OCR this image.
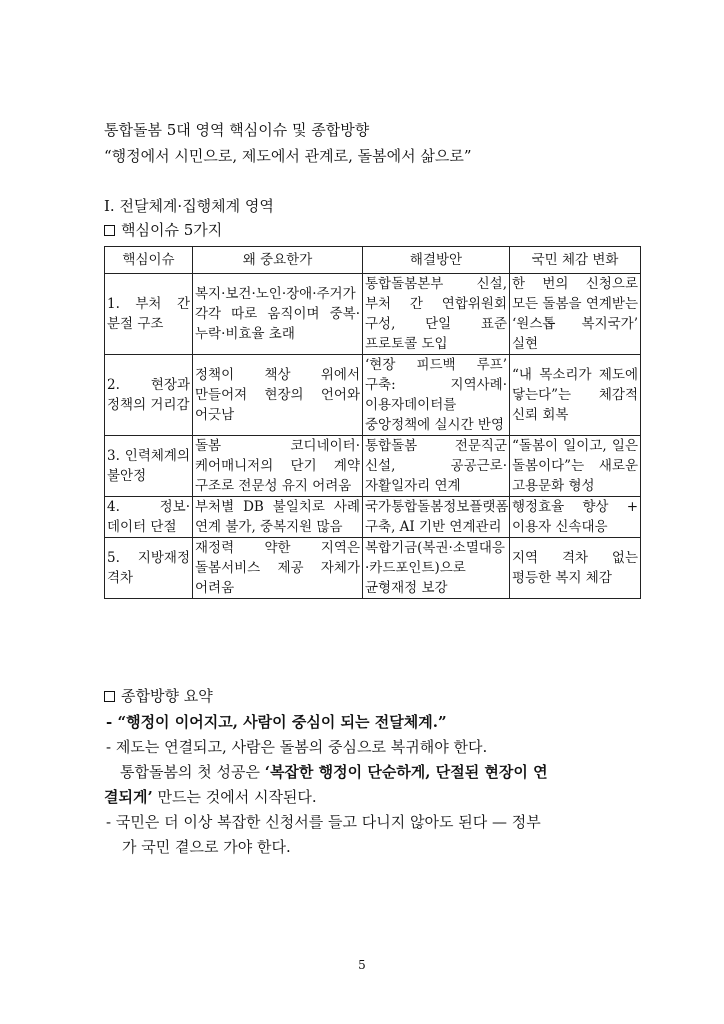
통합돌봄 5대 영역 핵심이슈 및 종합방향
“행정에서 시민으로, 제도에서 관계로, 돌봄에서 삶으로”
Ⅰ. 전달체계·집행체계 영역
핵심이슈 5가지
핵심이슈	왜 중요한가	해결방안	국민 체감 변화
1. 부처 간 분절 구조	복지·보건·노인·장애·주거가 각각 따로 움직이며 중복·누락·비효율 초래	통합돌봄본부 신설, 부처 간 연합위원회 구성, 단일 표준 프로토콜 도입	한 번의 신청으로 모든 돌봄을 연계받는 ‘원스톱 복지국가’ 실현
2. 현장과 정책의 거리감	정책이 책상 위에서 만들어져 현장의 언어와 어긋남	‘현장 피드백 루프’ 구축: 지역사례·이용자데이터를 중앙정책에 실시간 반영	“내 목소리가 제도에 닿는다”는 체감적 신뢰 회복
3. 인력체계의 불안정	돌봄 코디네이터·케어매니저의 단기 계약 구조로 전문성 유지 어려움	통합돌봄 전문직군 신설, 공공근로·자활일자리 연계	“돌봄이 일이고, 일은 돌봄이다”는 새로운 고용문화 형성
4. 정보·데이터 단절	부처별 DB 불일치로 사례 연계 불가, 중복지원 많음	국가통합돌봄정보플랫폼 구축, AI 기반 연계관리	행정효율 향상 + 이용자 신속대응
5. 지방재정 격차	재정력 약한 지역은 돌봄서비스 제공 자체가 어려움	복합기금(복권·소멸대응·카드포인트)으로 균형재정 보강	지역 격차 없는 평등한 복지 체감
종합방향 요약
- “행정이 이어지고, 사람이 중심이 되는 전달체계.”
- 제도는 연결되고, 사람은 돌봄의 중심으로 복귀해야 한다.
통합돌봄의 첫 성공은 ‘복잡한 행정이 단순하게, 단절된 현장이 연
결되게’ 만드는 것에서 시작된다.
- 국민은 더 이상 복잡한 신청서를 들고 다니지 않아도 된다 — 정부
가 국민 곁으로 가야 한다.
5
